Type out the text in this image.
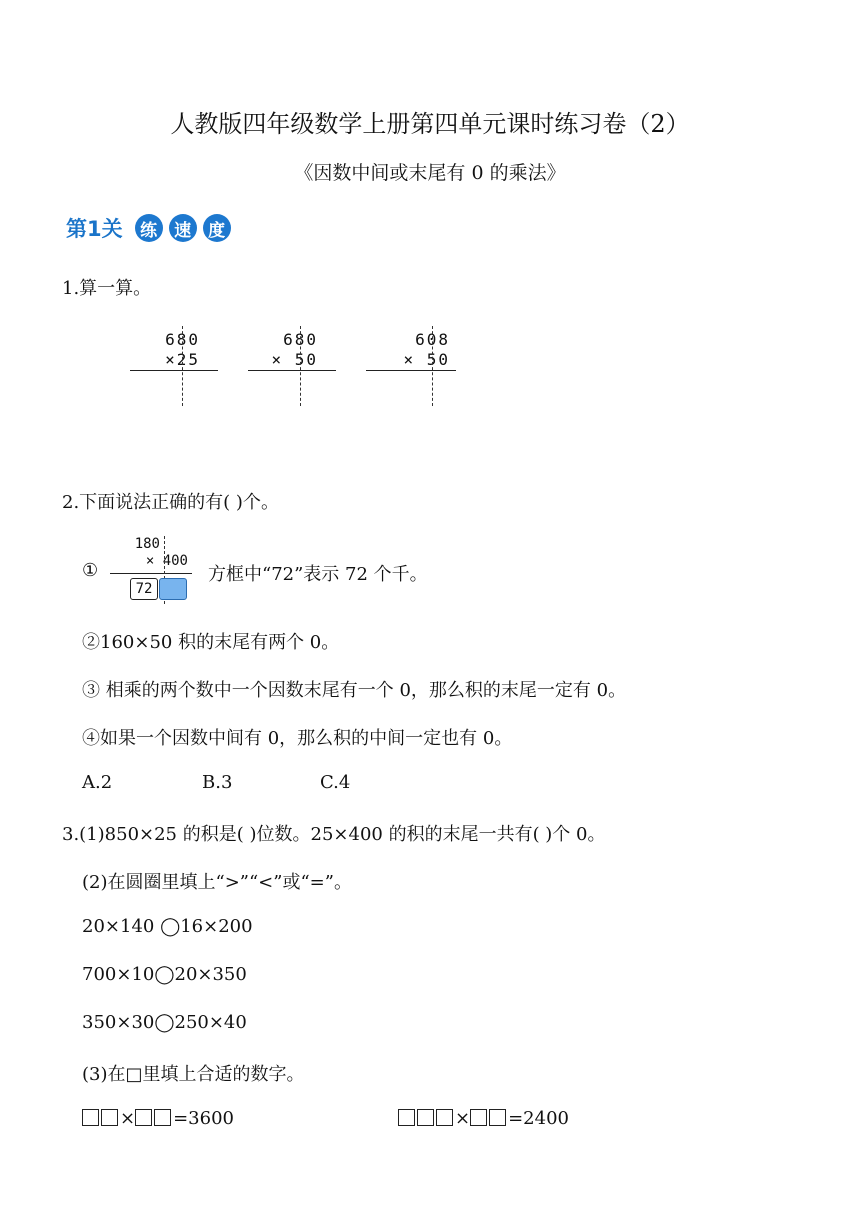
人教版四年级数学上册第四单元课时练习卷（2）
《因数中间或末尾有 0 的乘法》
第1关	练	速	度
1.算一算。
680
×25
680
× 50
608
× 50
2.下面说法正确的有( )个。
①
180
× 400
72
方框中“72”表示 72 个千。
②160×50 积的末尾有两个 0。
③ 相乘的两个数中一个因数末尾有一个 0，那么积的末尾一定有 0。
④如果一个因数中间有 0，那么积的中间一定也有 0。
A.2	B.3	C.4
3.(1)850×25 的积是( )位数。25×400 的积的末尾一共有( )个 0。
(2)在圆圈里填上“>”“<”或“=”。
20×140 ◯16×200
700×10◯20×350
350×30◯250×40
(3)在□里填上合适的数字。
× =3600	× =2400
